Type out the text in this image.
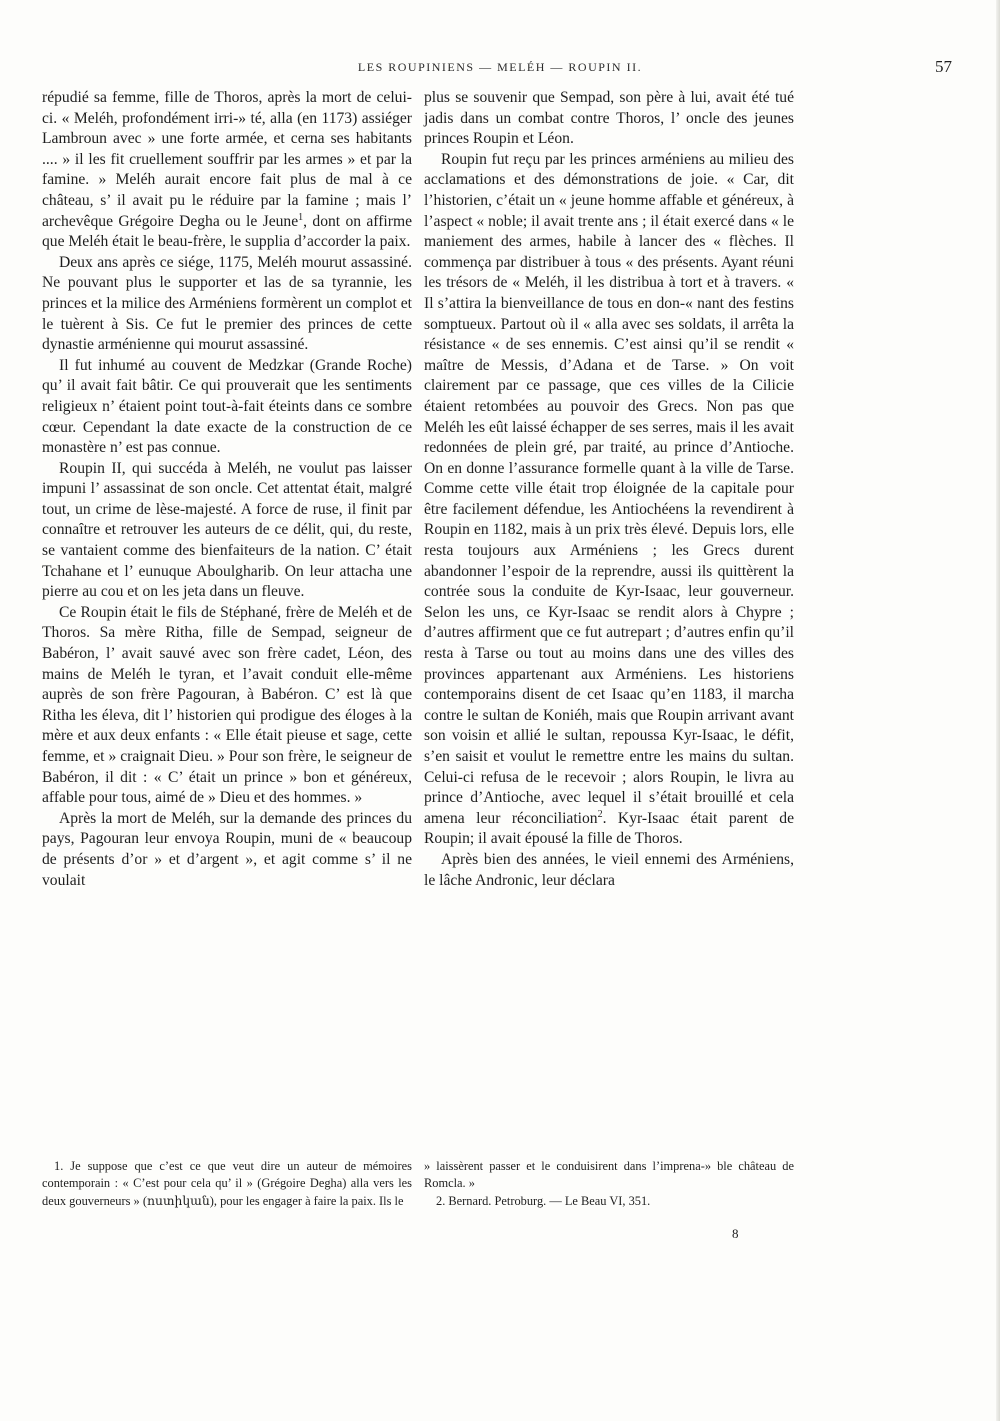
LES ROUPINIENS — MELÉH — ROUPIN II.	57

répudié sa femme, fille de Thoros, après la mort de celui-ci. « Meléh, profondément irri-» té, alla (en 1173) assiéger Lambroun avec » une forte armée, et cerna ses habitants .... » il les fit cruellement souffrir par les armes » et par la famine. » Meléh aurait encore fait plus de mal à ce château, s’ il avait pu le réduire par la famine ; mais l’ archevêque Grégoire Degha ou le Jeune$^1$, dont on affirme que Meléh était le beau-frère, le supplia d’accorder la paix.

Deux ans après ce siége, 1175, Meléh mourut assassiné. Ne pouvant plus le supporter et las de sa tyrannie, les princes et la milice des Arméniens formèrent un complot et le tuèrent à Sis. Ce fut le premier des princes de cette dynastie arménienne qui mourut assassiné.

Il fut inhumé au couvent de Medzkar (Grande Roche) qu’ il avait fait bâtir. Ce qui prouverait que les sentiments religieux n’ étaient point tout-à-fait éteints dans ce sombre cœur. Cependant la date exacte de la construction de ce monastère n’ est pas connue.

Roupin II, qui succéda à Meléh, ne voulut pas laisser impuni l’ assassinat de son oncle. Cet attentat était, malgré tout, un crime de lèse-majesté. A force de ruse, il finit par connaître et retrouver les auteurs de ce délit, qui, du reste, se vantaient comme des bienfaiteurs de la nation. C’ était Tchahane et l’ eunuque Aboulgharib. On leur attacha une pierre au cou et on les jeta dans un fleuve.

Ce Roupin était le fils de Stéphané, frère de Meléh et de Thoros. Sa mère Ritha, fille de Sempad, seigneur de Babéron, l’ avait sauvé avec son frère cadet, Léon, des mains de Meléh le tyran, et l’avait conduit elle-même auprès de son frère Pagouran, à Babéron. C’ est là que Ritha les éleva, dit l’ historien qui prodigue des éloges à la mère et aux deux enfants : « Elle était pieuse et sage, cette femme, et » craignait Dieu. » Pour son frère, le seigneur de Babéron, il dit : « C’ était un prince » bon et généreux, affable pour tous, aimé de » Dieu et des hommes. »

Après la mort de Meléh, sur la demande des princes du pays, Pagouran leur envoya Roupin, muni de « beaucoup de présents d’or » et d’argent », et agit comme s’ il ne voulait

plus se souvenir que Sempad, son père à lui, avait été tué jadis dans un combat contre Thoros, l’ oncle des jeunes princes Roupin et Léon.

Roupin fut reçu par les princes arméniens au milieu des acclamations et des démonstrations de joie. « Car, dit l’historien, c’était un « jeune homme affable et généreux, à l’aspect « noble; il avait trente ans ; il était exercé dans « le maniement des armes, habile à lancer des « flèches. Il commença par distribuer à tous « des présents. Ayant réuni les trésors de « Meléh, il les distribua à tort et à travers. « Il s’attira la bienveillance de tous en don-« nant des festins somptueux. Partout où il « alla avec ses soldats, il arrêta la résistance « de ses ennemis. C’est ainsi qu’il se rendit « maître de Messis, d’Adana et de Tarse. » On voit clairement par ce passage, que ces villes de la Cilicie étaient retombées au pouvoir des Grecs. Non pas que Meléh les eût laissé échapper de ses serres, mais il les avait redonnées de plein gré, par traité, au prince d’Antioche. On en donne l’assurance formelle quant à la ville de Tarse. Comme cette ville était trop éloignée de la capitale pour être facilement défendue, les Antiochéens la revendirent à Roupin en 1182, mais à un prix très élevé. Depuis lors, elle resta toujours aux Arméniens ; les Grecs durent abandonner l’espoir de la reprendre, aussi ils quittèrent la contrée sous la conduite de Kyr-Isaac, leur gouverneur. Selon les uns, ce Kyr-Isaac se rendit alors à Chypre ; d’autres affirment que ce fut autrepart ; d’autres enfin qu’il resta à Tarse ou tout au moins dans une des villes des provinces appartenant aux Arméniens. Les historiens contemporains disent de cet Isaac qu’en 1183, il marcha contre le sultan de Koniéh, mais que Roupin arrivant avant son voisin et allié le sultan, repoussa Kyr-Isaac, le défit, s’en saisit et voulut le remettre entre les mains du sultan. Celui-ci refusa de le recevoir ; alors Roupin, le livra au prince d’Antioche, avec lequel il s’était brouillé et cela amena leur réconciliation$^2$. Kyr-Isaac était parent de Roupin; il avait épousé la fille de Thoros.

Après bien des années, le vieil ennemi des Arméniens, le lâche Andronic, leur déclara

1. Je suppose que c’est ce que veut dire un auteur de mémoires contemporain : « C’est pour cela qu’ il » (Grégoire Degha) alla vers les deux gouverneurs » (ոստիկան), pour les engager à faire la paix. Ils le

» laissèrent passer et le conduisirent dans l’imprena-» ble château de Romcla. »

2. Bernard. Petroburg. — Le Beau VI, 351.

8
